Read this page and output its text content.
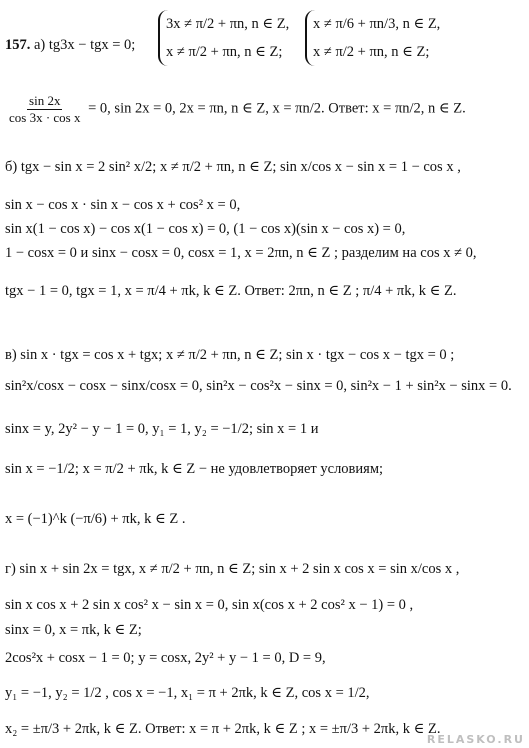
157. а) tg3x − tgx = 0;
3x ≠ π/2 + πn, n ∈ Z,
x ≠ π/2 + πn, n ∈ Z;
x ≠ π/6 + πn/3, n ∈ Z,
x ≠ π/2 + πn, n ∈ Z;
$\frac{\sin 2x}{\text{cos 3x · cos x}} = 0$, sin 2x = 0, 2x = πn, n ∈ Z, x = πn/2. Ответ: x = πn/2, n ∈ Z.
б) tgx − sin x = 2 sin² x/2; x ≠ π/2 + πn, n ∈ Z; sin x/cos x − sin x = 1 − cos x ,
sin x − cos x · sin x − cos x + cos² x = 0,
sin x(1 − cos x) − cos x(1 − cos x) = 0, (1 − cos x)(sin x − cos x) = 0,
1 − cosx = 0 и sinx − cosx = 0, cosx = 1, x = 2πn, n ∈ Z ; разделим на cos x ≠ 0,
tgx − 1 = 0, tgx = 1, x = π/4 + πk, k ∈ Z. Ответ: 2πn, n ∈ Z ; π/4 + πk, k ∈ Z.
в) sin x · tgx = cos x + tgx; x ≠ π/2 + πn, n ∈ Z; sin x · tgx − cos x − tgx = 0 ;
sin²x/cosx − cosx − sinx/cosx = 0, sin²x − cos²x − sinx = 0, sin²x − 1 + sin²x − sinx = 0.
sinx = y, 2y² − y − 1 = 0, y₁ = 1, y₂ = −1/2; sin x = 1 и
sin x = −1/2; x = π/2 + πk, k ∈ Z − не удовлетворяет условиям;
x = (−1)^k (−π/6) + πk, k ∈ Z .
г) sin x + sin 2x = tgx, x ≠ π/2 + πn, n ∈ Z; sin x + 2 sin x cos x = sin x/cos x ,
sin x cos x + 2 sin x cos² x − sin x = 0, sin x(cos x + 2 cos² x − 1) = 0 ,
sinx = 0, x = πk, k ∈ Z;
2cos²x + cosx − 1 = 0; y = cosx, 2y² + y − 1 = 0, D = 9,
y₁ = −1, y₂ = 1/2 , cos x = −1, x₁ = π + 2πk, k ∈ Z, cos x = 1/2,
x₂ = ±π/3 + 2πk, k ∈ Z. Ответ: x = π + 2πk, k ∈ Z ; x = ±π/3 + 2πk, k ∈ Z.
RELASKO.RU
